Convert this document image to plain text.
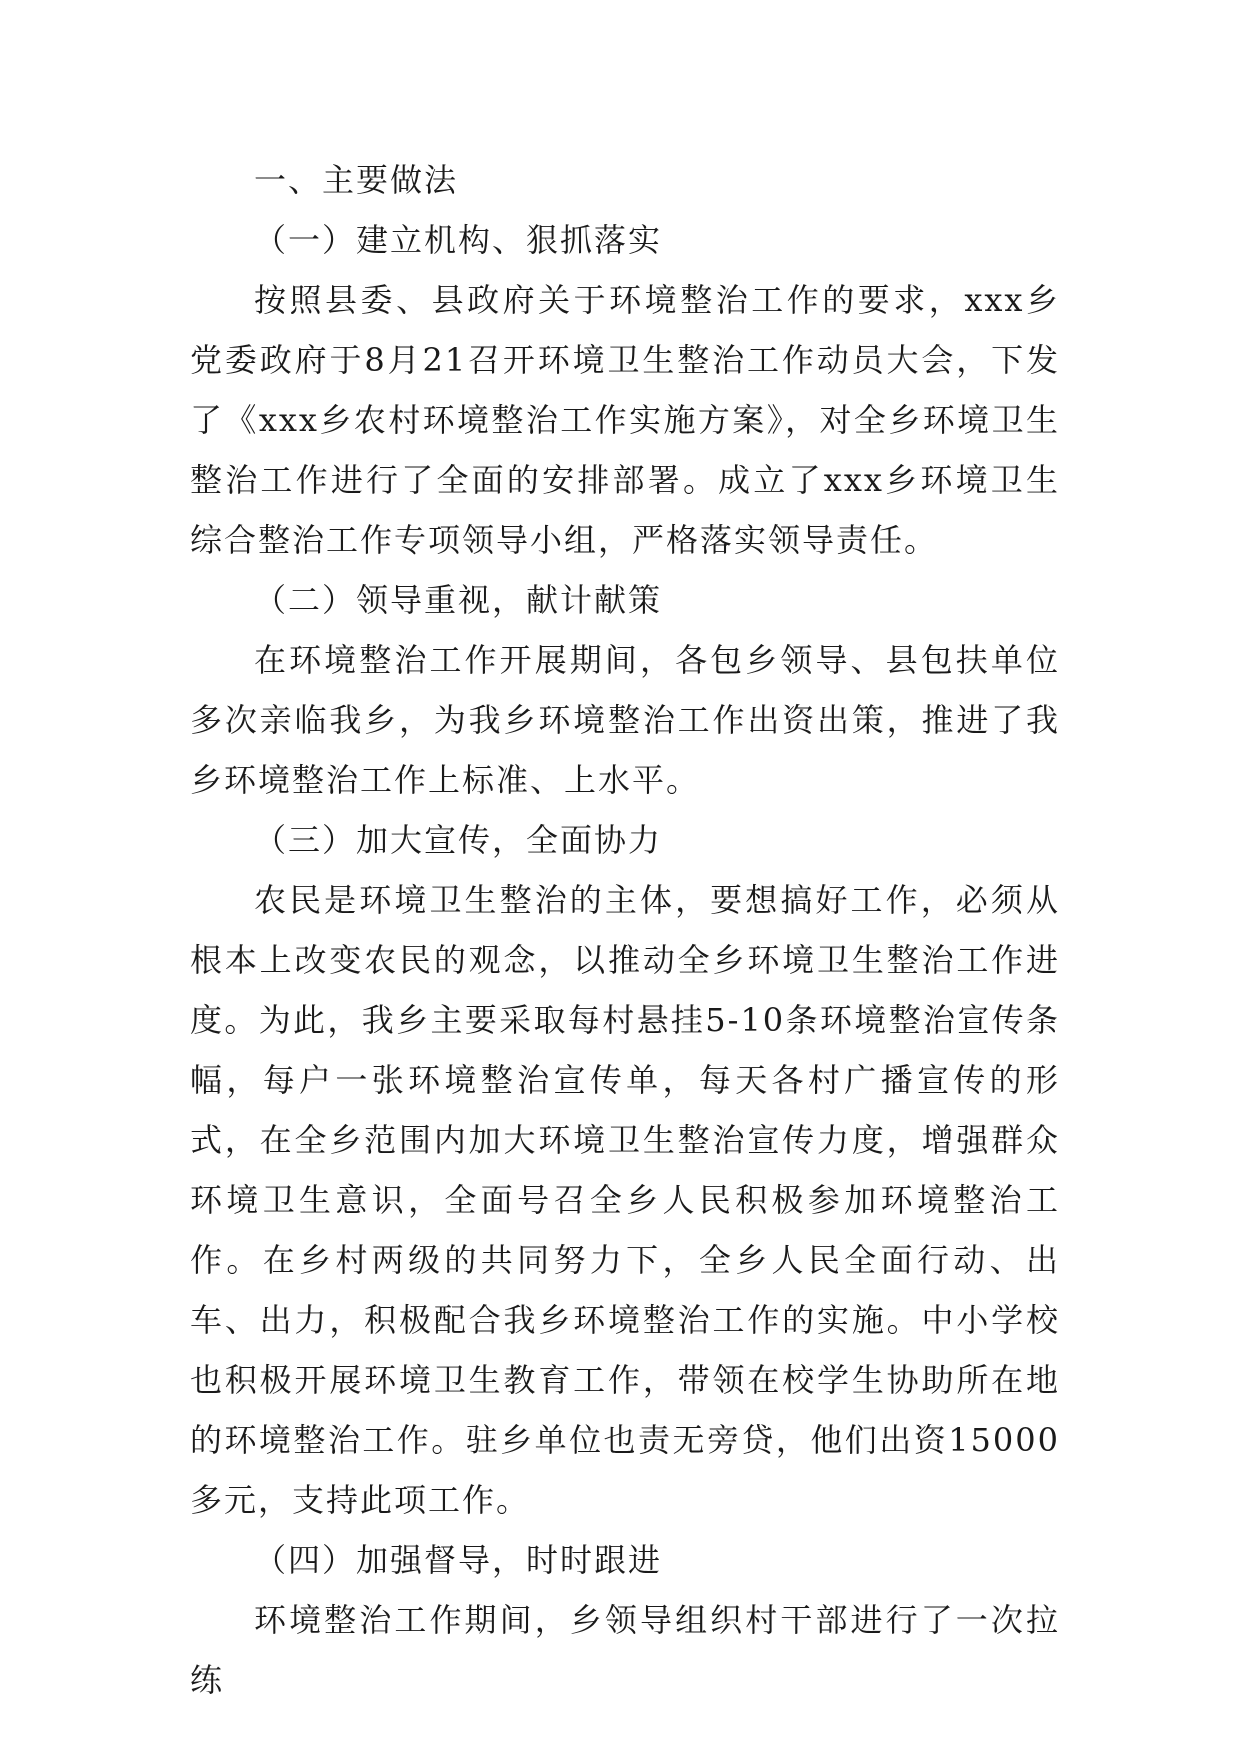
一、主要做法

（一）建立机构、狠抓落实

按照县委、县政府关于环境整治工作的要求，xxx乡党委政府于8月21召开环境卫生整治工作动员大会，下发了《xxx乡农村环境整治工作实施方案》，对全乡环境卫生整治工作进行了全面的安排部署。成立了xxx乡环境卫生综合整治工作专项领导小组，严格落实领导责任。

（二）领导重视，献计献策

在环境整治工作开展期间，各包乡领导、县包扶单位多次亲临我乡，为我乡环境整治工作出资出策，推进了我乡环境整治工作上标准、上水平。

（三）加大宣传，全面协力

农民是环境卫生整治的主体，要想搞好工作，必须从根本上改变农民的观念，以推动全乡环境卫生整治工作进度。为此，我乡主要采取每村悬挂5-10条环境整治宣传条幅，每户一张环境整治宣传单，每天各村广播宣传的形式，在全乡范围内加大环境卫生整治宣传力度，增强群众环境卫生意识，全面号召全乡人民积极参加环境整治工作。在乡村两级的共同努力下，全乡人民全面行动、出车、出力，积极配合我乡环境整治工作的实施。中小学校也积极开展环境卫生教育工作，带领在校学生协助所在地的环境整治工作。驻乡单位也责无旁贷，他们出资15000多元，支持此项工作。

（四）加强督导，时时跟进

环境整治工作期间，乡领导组织村干部进行了一次拉练
